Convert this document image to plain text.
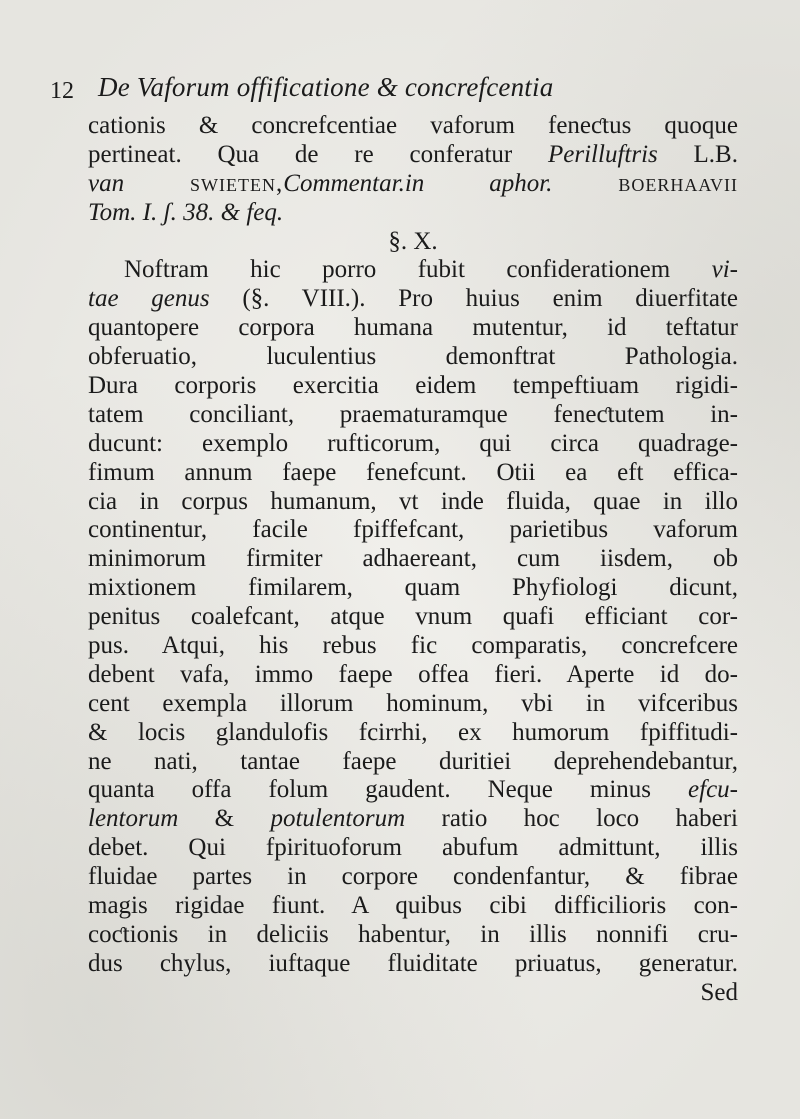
12 De Vaforum offificatione & concrefcentia
cationis & concrefcentiae vaforum feneƈtus quoque
pertineat. Qua de re conferatur Perilluftris L.B.
van swieten,Commentar.in aphor. boerhaavii
Tom. I. ʃ. 38. & feq.
§. X.
Noftram hic porro fubit confiderationem vi-
tae genus (§. VIII.). Pro huius enim diuerfitate
quantopere corpora humana mutentur, id teftatur
obferuatio, luculentius demonftrat Pathologia.
Dura corporis exercitia eidem tempeftiuam rigidi-
tatem conciliant, praematuramque feneƈtutem in-
ducunt: exemplo rufticorum, qui circa quadrage-
fimum annum faepe fenefcunt. Otii ea eft effica-
cia in corpus humanum, vt inde fluida, quae in illo
continentur, facile fpiffefcant, parietibus vaforum
minimorum firmiter adhaereant, cum iisdem, ob
mixtionem fimilarem, quam Phyfiologi dicunt,
penitus coalefcant, atque vnum quafi efficiant cor-
pus. Atqui, his rebus fic comparatis, concrefcere
debent vafa, immo faepe offea fieri. Aperte id do-
cent exempla illorum hominum, vbi in vifceribus
& locis glandulofis fcirrhi, ex humorum fpiffitudi-
ne nati, tantae faepe duritiei deprehendebantur,
quanta offa folum gaudent. Neque minus efcu-
lentorum & potulentorum ratio hoc loco haberi
debet. Qui fpirituoforum abufum admittunt, illis
fluidae partes in corpore condenfantur, & fibrae
magis rigidae fiunt. A quibus cibi difficilioris con-
coƈtionis in deliciis habentur, in illis nonnifi cru-
dus chylus, iuftaque fluiditate priuatus, generatur.
Sed
